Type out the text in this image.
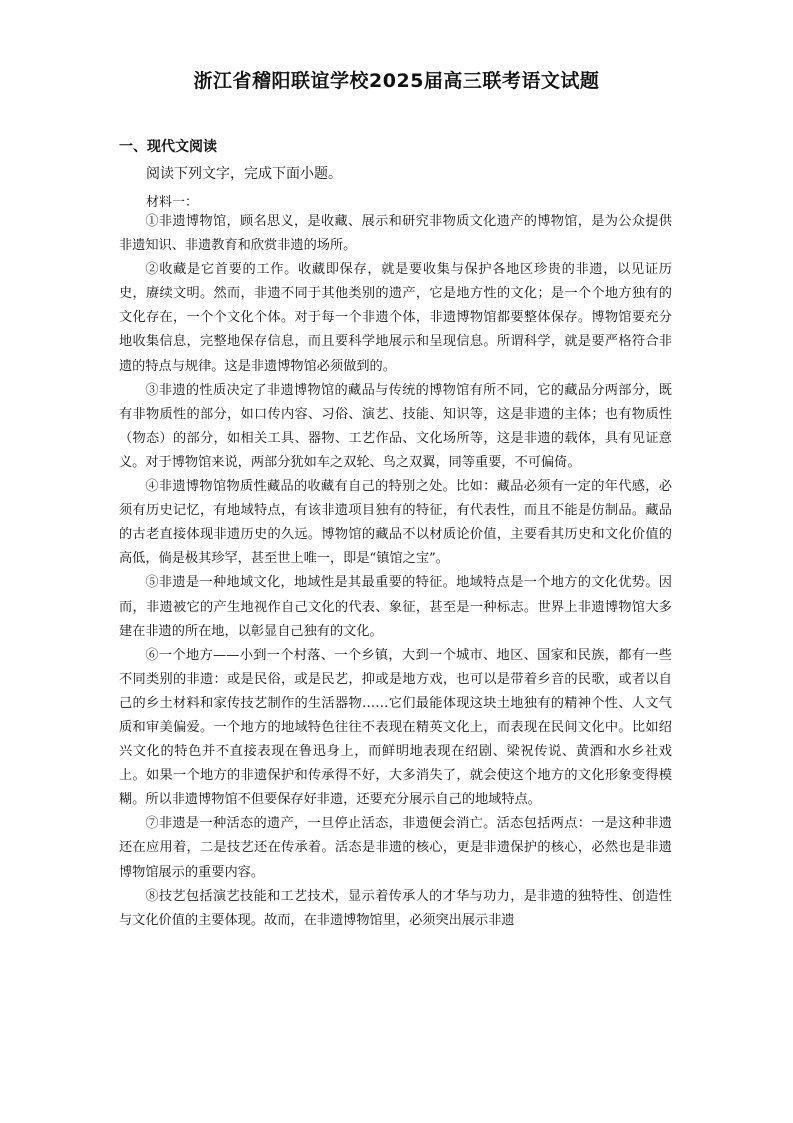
浙江省稽阳联谊学校2025届高三联考语文试题
一、现代文阅读
阅读下列文字，完成下面小题。
材料一：

①非遗博物馆，顾名思义，是收藏、展示和研究非物质文化遗产的博物馆，是为公众提供非遗知识、非遗教育和欣赏非遗的场所。

②收藏是它首要的工作。收藏即保存，就是要收集与保护各地区珍贵的非遗，以见证历史，赓续文明。然而，非遗不同于其他类别的遗产，它是地方性的文化；是一个个地方独有的文化存在，一个个文化个体。对于每一个非遗个体，非遗博物馆都要整体保存。博物馆要充分地收集信息，完整地保存信息，而且要科学地展示和呈现信息。所谓科学，就是要严格符合非遗的特点与规律。这是非遗博物馆必须做到的。

③非遗的性质决定了非遗博物馆的藏品与传统的博物馆有所不同，它的藏品分两部分，既有非物质性的部分，如口传内容、习俗、演艺、技能、知识等，这是非遗的主体；也有物质性（物态）的部分，如相关工具、器物、工艺作品、文化场所等，这是非遗的载体，具有见证意义。对于博物馆来说，两部分犹如车之双轮、鸟之双翼，同等重要，不可偏倚。

④非遗博物馆物质性藏品的收藏有自己的特别之处。比如：藏品必须有一定的年代感，必须有历史记忆，有地域特点，有该非遗项目独有的特征，有代表性，而且不能是仿制品。藏品的古老直接体现非遗历史的久远。博物馆的藏品不以材质论价值，主要看其历史和文化价值的高低，倘是极其珍罕，甚至世上唯一，即是“镇馆之宝”。

⑤非遗是一种地域文化，地域性是其最重要的特征。地域特点是一个地方的文化优势。因而，非遗被它的产生地视作自己文化的代表、象征，甚至是一种标志。世界上非遗博物馆大多建在非遗的所在地，以彰显自己独有的文化。

⑥一个地方——小到一个村落、一个乡镇，大到一个城市、地区、国家和民族，都有一些不同类别的非遗：或是民俗，或是民艺，抑或是地方戏，也可以是带着乡音的民歌，或者以自己的乡土材料和家传技艺制作的生活器物……它们最能体现这块土地独有的精神个性、人文气质和审美偏爱。一个地方的地域特色往往不表现在精英文化上，而表现在民间文化中。比如绍兴文化的特色并不直接表现在鲁迅身上，而鲜明地表现在绍剧、梁祝传说、黄酒和水乡社戏上。如果一个地方的非遗保护和传承得不好，大多消失了，就会使这个地方的文化形象变得模糊。所以非遗博物馆不但要保存好非遗，还要充分展示自己的地域特点。

⑦非遗是一种活态的遗产，一旦停止活态，非遗便会消亡。活态包括两点：一是这种非遗还在应用着，二是技艺还在传承着。活态是非遗的核心，更是非遗保护的核心，必然也是非遗博物馆展示的重要内容。

⑧技艺包括演艺技能和工艺技术，显示着传承人的才华与功力，是非遗的独特性、创造性与文化价值的主要体现。故而，在非遗博物馆里，必须突出展示非遗
